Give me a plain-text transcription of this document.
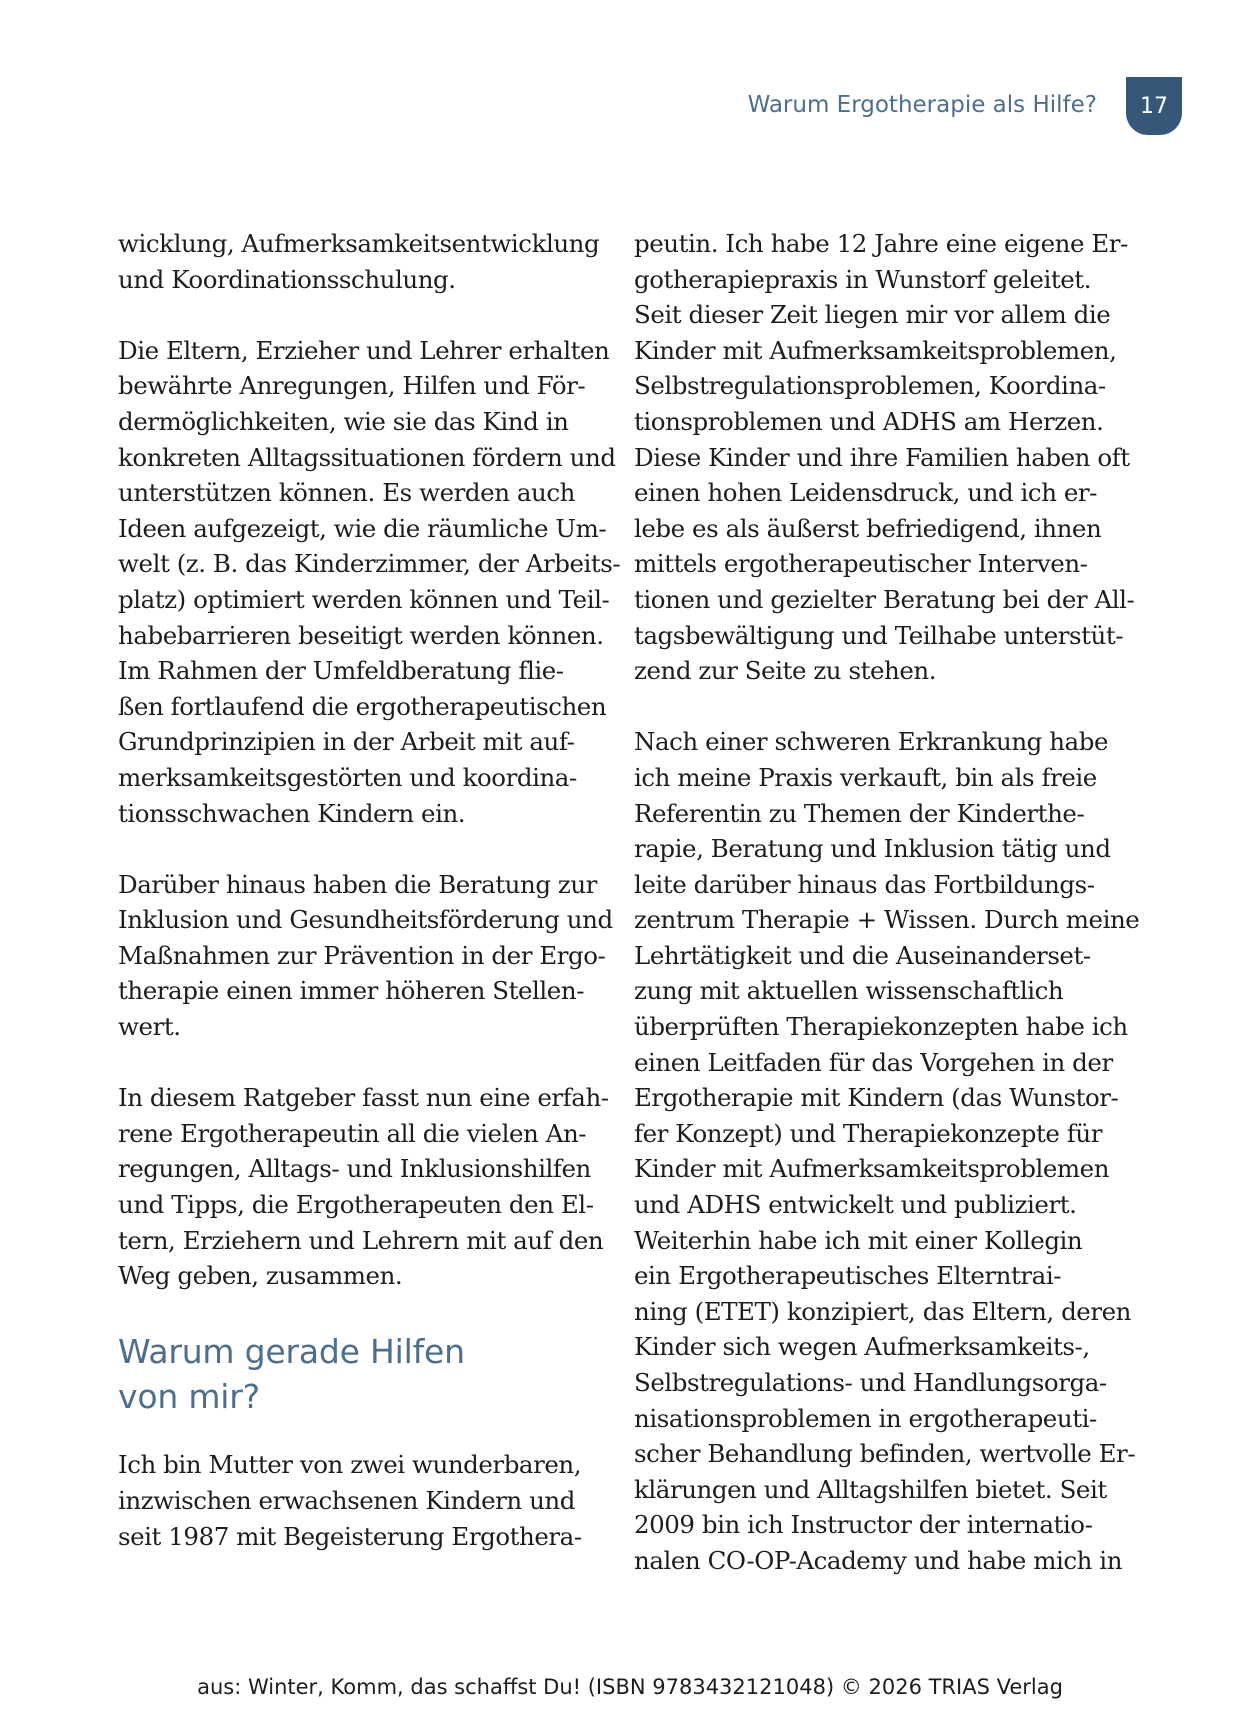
Warum Ergotherapie als Hilfe?	17

wicklung, Aufmerksamkeitsentwicklung
und Koordinationsschulung.

Die Eltern, Erzieher und Lehrer erhalten
bewährte Anregungen, Hilfen und För-
dermöglichkeiten, wie sie das Kind in
konkreten Alltagssituationen fördern und
unterstützen können. Es werden auch
Ideen aufgezeigt, wie die räumliche Um-
welt (z. B. das Kinderzimmer, der Arbeits-
platz) optimiert werden können und Teil-
habebarrieren beseitigt werden können.
Im Rahmen der Umfeldberatung flie-
ßen fortlaufend die ergotherapeutischen
Grundprinzipien in der Arbeit mit auf-
merksamkeitsgestörten und koordina-
tionsschwachen Kindern ein.

Darüber hinaus haben die Beratung zur
Inklusion und Gesundheitsförderung und
Maßnahmen zur Prävention in der Ergo-
therapie einen immer höheren Stellen-
wert.

In diesem Ratgeber fasst nun eine erfah-
rene Ergotherapeutin all die vielen An-
regungen, Alltags- und Inklusionshilfen
und Tipps, die Ergotherapeuten den El-
tern, Erziehern und Lehrern mit auf den
Weg geben, zusammen.

Warum gerade Hilfen
von mir?

Ich bin Mutter von zwei wunderbaren,
inzwischen erwachsenen Kindern und
seit 1987 mit Begeisterung Ergothera-

peutin. Ich habe 12 Jahre eine eigene Er-
gotherapiepraxis in Wunstorf geleitet.
Seit dieser Zeit liegen mir vor allem die
Kinder mit Aufmerksamkeitsproblemen,
Selbstregulationsproblemen, Koordina-
tionsproblemen und ADHS am Herzen.
Diese Kinder und ihre Familien haben oft
einen hohen Leidensdruck, und ich er-
lebe es als äußerst befriedigend, ihnen
mittels ergotherapeutischer Interven-
tionen und gezielter Beratung bei der All-
tagsbewältigung und Teilhabe unterstüt-
zend zur Seite zu stehen.

Nach einer schweren Erkrankung habe
ich meine Praxis verkauft, bin als freie
Referentin zu Themen der Kinderthe-
rapie, Beratung und Inklusion tätig und
leite darüber hinaus das Fortbildungs-
zentrum Therapie + Wissen. Durch meine
Lehrtätigkeit und die Auseinanderset-
zung mit aktuellen wissenschaftlich
überprüften Therapiekonzepten habe ich
einen Leitfaden für das Vorgehen in der
Ergotherapie mit Kindern (das Wunstor-
fer Konzept) und Therapiekonzepte für
Kinder mit Aufmerksamkeitsproblemen
und ADHS entwickelt und publiziert.
Weiterhin habe ich mit einer Kollegin
ein Ergotherapeutisches Elterntrai-
ning (ETET) konzipiert, das Eltern, deren
Kinder sich wegen Aufmerksamkeits-,
Selbstregulations- und Handlungsorga-
nisationsproblemen in ergotherapeuti-
scher Behandlung befinden, wertvolle Er-
klärungen und Alltagshilfen bietet. Seit
2009 bin ich Instructor der internatio-
nalen CO-OP-Academy und habe mich in

aus: Winter, Komm, das schaffst Du! (ISBN 9783432121048) © 2026 TRIAS Verlag
